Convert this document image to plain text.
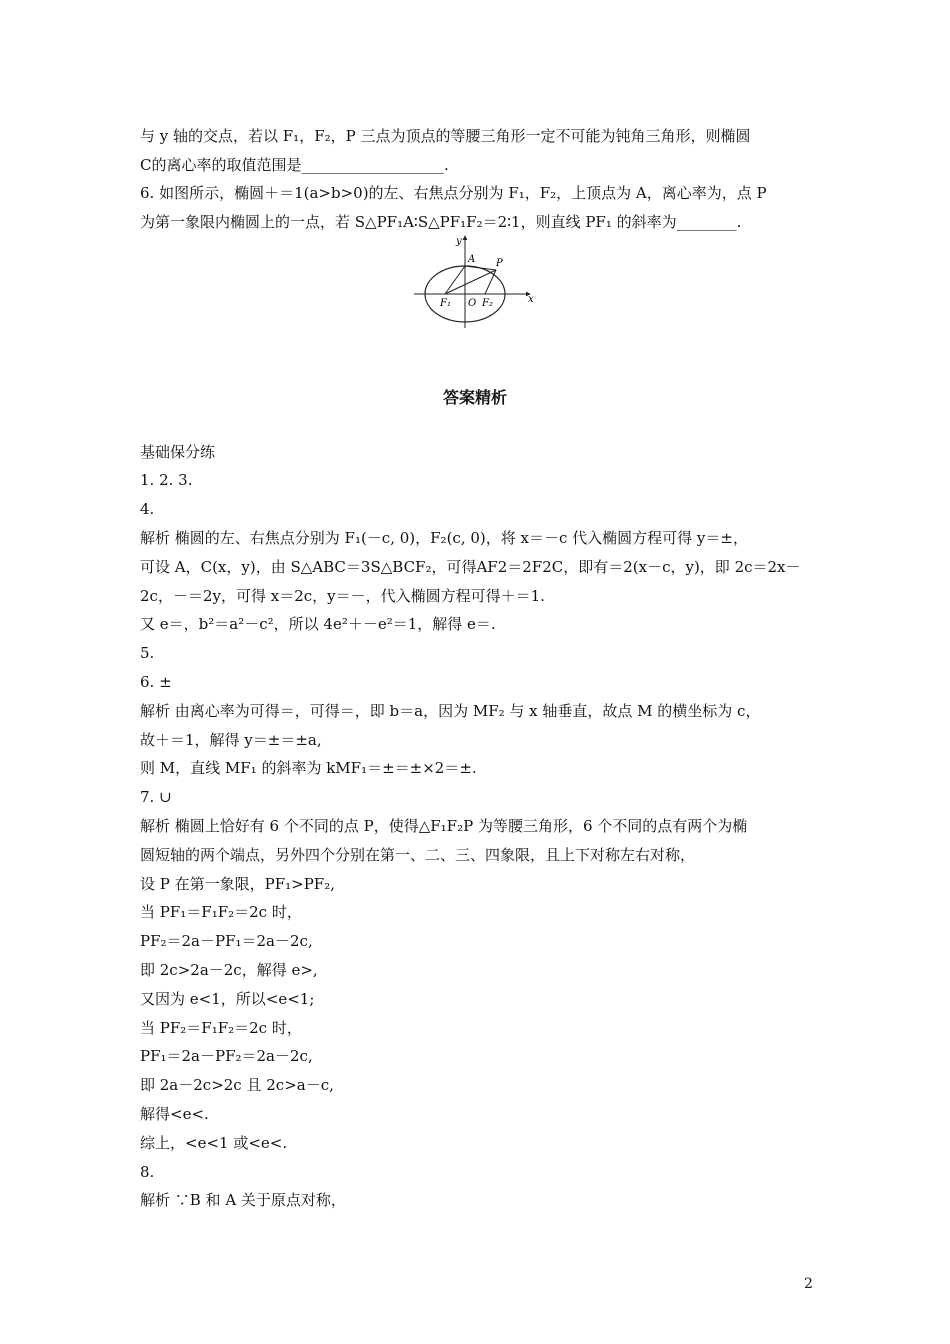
与 y 轴的交点，若以 F₁，F₂，P 三点为顶点的等腰三角形一定不可能为钝角三角形，则椭圆
C的离心率的取值范围是___________________.
6. 如图所示，椭圆＋＝1(a>b>0)的左、右焦点分别为 F₁，F₂，上顶点为 A，离心率为，点 P
为第一象限内椭圆上的一点，若 S△PF₁A∶S△PF₁F₂＝2∶1，则直线 PF₁ 的斜率为________.
y
x
A P
F₁ O F₂
答案精析
基础保分练
1. 2. 3.
4.
解析 椭圆的左、右焦点分别为 F₁(－c, 0)，F₂(c, 0)，将 x＝－c 代入椭圆方程可得 y＝±，
可设 A，C(x，y)，由 S△ABC＝3S△BCF₂，可得AF2＝2F2C，即有＝2(x－c，y)，即 2c＝2x－
2c，－＝2y，可得 x＝2c，y＝－，代入椭圆方程可得＋＝1.
又 e＝，b²＝a²－c²，所以 4e²＋－e²＝1，解得 e＝.
5.
6. ±
解析 由离心率为可得＝，可得＝，即 b＝a，因为 MF₂ 与 x 轴垂直，故点 M 的横坐标为 c，
故＋＝1，解得 y＝±＝±a,
则 M，直线 MF₁ 的斜率为 kMF₁＝±＝±×2＝±.
7. ∪
解析 椭圆上恰好有 6 个不同的点 P，使得△F₁F₂P 为等腰三角形，6 个不同的点有两个为椭
圆短轴的两个端点，另外四个分别在第一、二、三、四象限，且上下对称左右对称，
设 P 在第一象限，PF₁>PF₂,
当 PF₁＝F₁F₂＝2c 时，
PF₂＝2a－PF₁＝2a－2c,
即 2c>2a－2c，解得 e>,
又因为 e<1，所以<e<1;
当 PF₂＝F₁F₂＝2c 时，
PF₁＝2a－PF₂＝2a－2c,
即 2a－2c>2c 且 2c>a－c,
解得<e<.
综上，<e<1 或<e<.
8.
解析 ∵B 和 A 关于原点对称，
2
